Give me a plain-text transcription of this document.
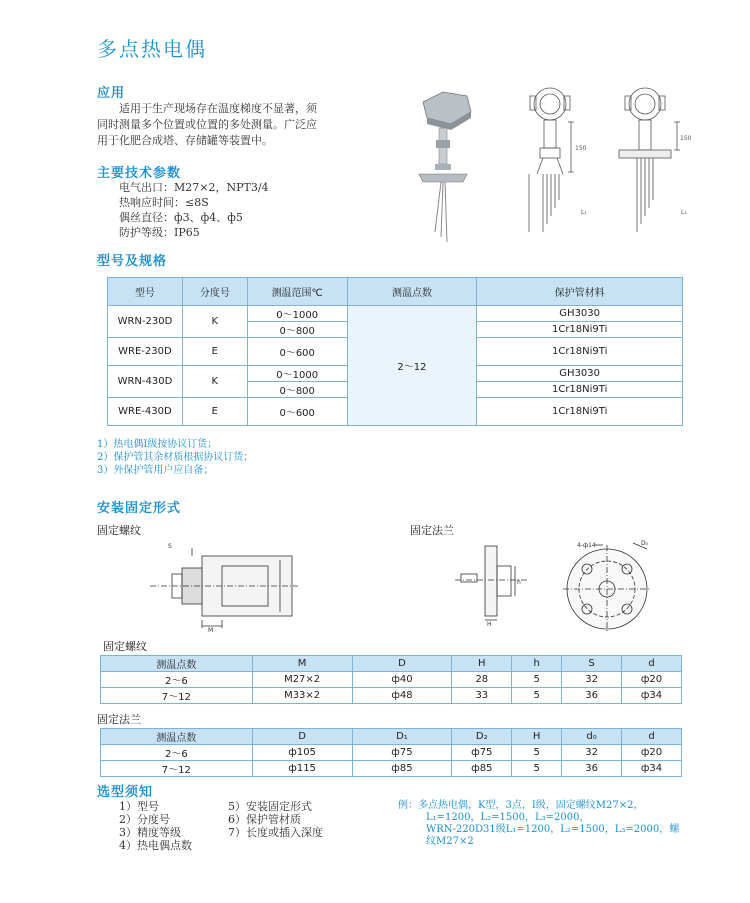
多点热电偶
应用
适用于生产现场存在温度梯度不显著，须
同时测量多个位置或位置的多处测量。广泛应
用于化肥合成塔、存储罐等装置中。
主要技术参数
电气出口：M27×2，NPT3/4
热响应时间：≤8S
偶丝直径：ф3、ф4、ф5
防护等级：IP65
150
150
L₁	L₁
型号及规格
型号	分度号	测温范围℃	测温点数	保护管材料
WRN-230D	K	0～1000	2～12	GH3030
		0～800		1Cr18Ni9Ti
WRE-230D	E	0～600		1Cr18Ni9Ti

WRN-430D	K	0～1000		GH3030
		0～800		1Cr18Ni9Ti
WRE-430D	E	0～600		1Cr18Ni9Ti

1）热电偶Ⅰ级按协议订货；
2）保护管其余材质根据协议订货；
3）外保护管用户应自备；
安装固定形式
固定螺纹	固定法兰
S
M
H
h
4-ф14	D₀
固定螺纹
测温点数	M	D	H	h	S	d
2～6	M27×2	ф40	28	5	32	ф20
7～12	M33×2	ф48	33	5	36	ф34
固定法兰
测温点数	D	D₁	D₂	H	d₀	d
2～6	ф105	ф75	ф75	5	32	ф20
7～12	ф115	ф85	ф85	5	36	ф34
选型须知
1）型号
2）分度号
3）精度等级
4）热电偶点数
5）安装固定形式
6）保护管材质
7）长度或插入深度
例：多点热电偶，K型，3点，Ⅰ级，固定螺纹M27×2，
L₁=1200，L₂=1500，L₃=2000，
WRN-220D31级L₁=1200，L₂=1500，L₃=2000，螺
纹M27×2
